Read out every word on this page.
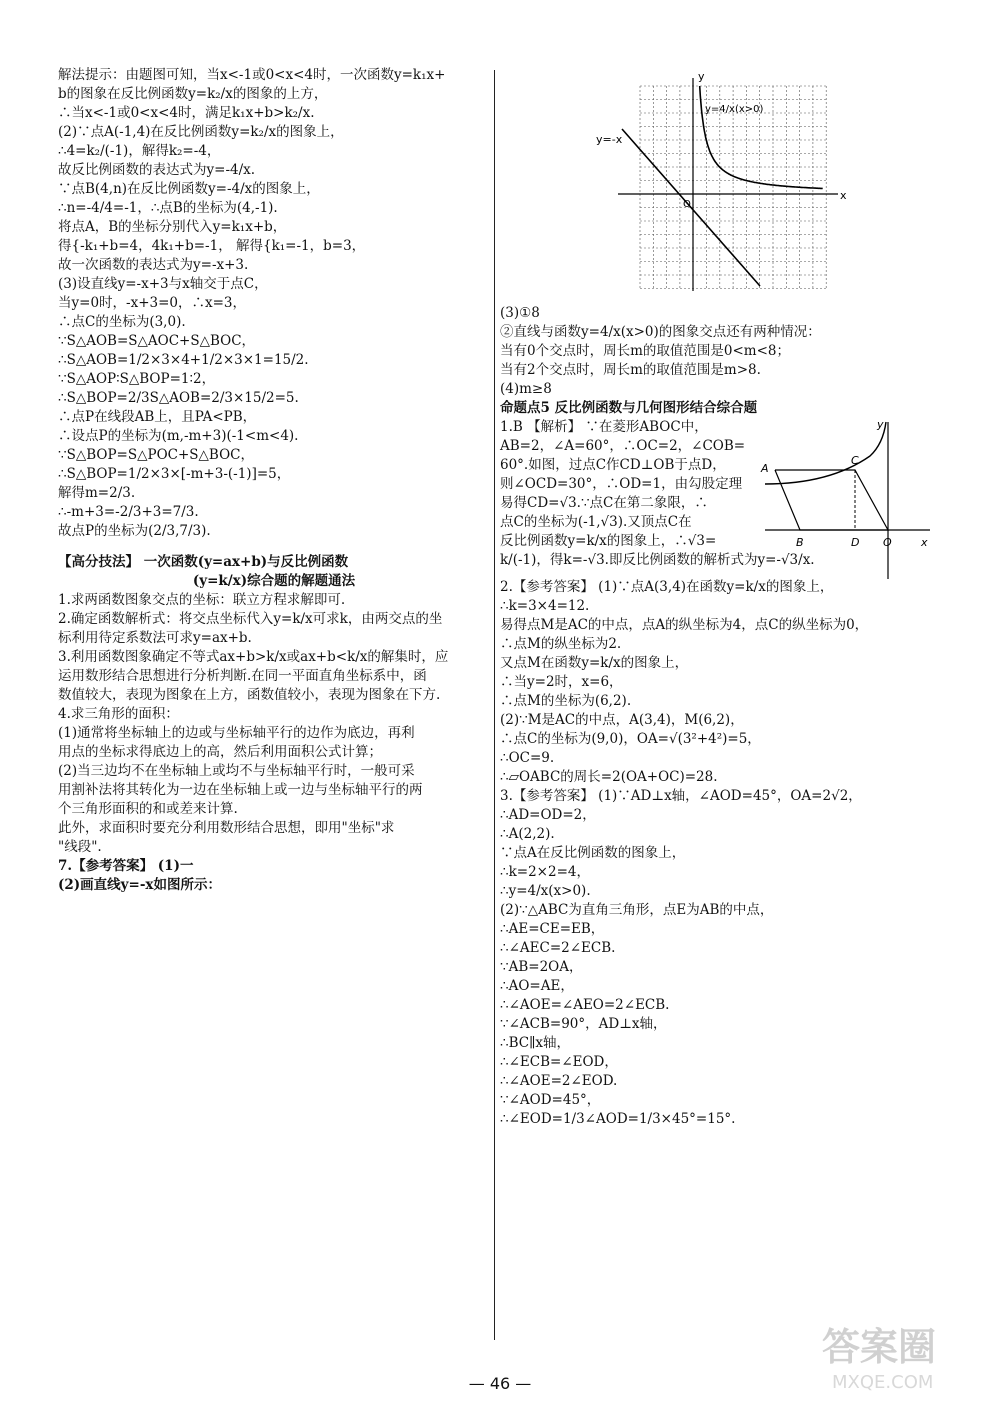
解法提示：由题图可知，当x<-1或0<x<4时，一次函数y=k₁x+

b的图象在反比例函数y=k₂/x的图象的上方，

∴当x<-1或0<x<4时，满足k₁x+b>k₂/x.

(2)∵点A(-1,4)在反比例函数y=k₂/x的图象上，

∴4=k₂/(-1)，解得k₂=-4，

故反比例函数的表达式为y=-4/x.

∵点B(4,n)在反比例函数y=-4/x的图象上，

∴n=-4/4=-1，∴点B的坐标为(4,-1).

将点A，B的坐标分别代入y=k₁x+b，

得{-k₁+b=4，4k₁+b=-1， 解得{k₁=-1，b=3，

故一次函数的表达式为y=-x+3.

(3)设直线y=-x+3与x轴交于点C，

当y=0时，-x+3=0，∴x=3，

∴点C的坐标为(3,0).

∵S△AOB=S△AOC+S△BOC，

∴S△AOB=1/2×3×4+1/2×3×1=15/2.

∵S△AOP∶S△BOP=1∶2，

∴S△BOP=2/3S△AOB=2/3×15/2=5.

∴点P在线段AB上，且PA<PB，

∴设点P的坐标为(m,-m+3)(-1<m<4).

∵S△BOP=S△POC+S△BOC，

∴S△BOP=1/2×3×[-m+3-(-1)]=5，

解得m=2/3.

∴-m+3=-2/3+3=7/3.

故点P的坐标为(2/3,7/3).

【高分技法】 一次函数(y=ax+b)与反比例函数

(y=k/x)综合题的解题通法

1.求两函数图象交点的坐标：联立方程求解即可.

2.确定函数解析式：将交点坐标代入y=k/x可求k，由两交点的坐

标利用待定系数法可求y=ax+b.

3.利用函数图象确定不等式ax+b>k/x或ax+b<k/x的解集时，应

运用数形结合思想进行分析判断.在同一平面直角坐标系中，函

数值较大，表现为图象在上方，函数值较小，表现为图象在下方.

4.求三角形的面积：

(1)通常将坐标轴上的边或与坐标轴平行的边作为底边，再利

用点的坐标求得底边上的高，然后利用面积公式计算；

(2)当三边均不在坐标轴上或均不与坐标轴平行时，一般可采

用割补法将其转化为一边在坐标轴上或一边与坐标轴平行的两

个三角形面积的和或差来计算.

此外，求面积时要充分利用数形结合思想，即用"坐标"求

"线段".

7.【参考答案】 (1)一

(2)画直线y=-x如图所示：

x
y
O
y=-x
y=4/x(x>0)

(3)①8

②直线与函数y=4/x(x>0)的图象交点还有两种情况：

当有0个交点时，周长m的取值范围是0<m<8；

当有2个交点时，周长m的取值范围是m>8.

(4)m≥8

命题点5 反比例函数与几何图形结合综合题

1.B 【解析】 ∵在菱形ABOC中，

AB=2，∠A=60°，∴OC=2，∠COB=

60°.如图，过点C作CD⊥OB于点D，

则∠OCD=30°，∴OD=1，由勾股定理

易得CD=√3.∵点C在第二象限，∴

点C的坐标为(-1,√3).又顶点C在

反比例函数y=k/x的图象上，∴√3=

k/(-1)，得k=-√3.即反比例函数的解析式为y=-√3/x.

A
B
C
D O	x
y

2.【参考答案】 (1)∵点A(3,4)在函数y=k/x的图象上，

∴k=3×4=12.

易得点M是AC的中点，点A的纵坐标为4，点C的纵坐标为0，

∴点M的纵坐标为2.

又点M在函数y=k/x的图象上，

∴当y=2时，x=6，

∴点M的坐标为(6,2).

(2)∵M是AC的中点，A(3,4)，M(6,2)，

∴点C的坐标为(9,0)，OA=√(3²+4²)=5，

∴OC=9.

∴▱OABC的周长=2(OA+OC)=28.

3.【参考答案】 (1)∵AD⊥x轴，∠AOD=45°，OA=2√2，

∴AD=OD=2，

∴A(2,2).

∵点A在反比例函数的图象上，

∴k=2×2=4，

∴y=4/x(x>0).

(2)∵△ABC为直角三角形，点E为AB的中点，

∴AE=CE=EB，

∴∠AEC=2∠ECB.

∵AB=2OA，

∴AO=AE，

∴∠AOE=∠AEO=2∠ECB.

∵∠ACB=90°，AD⊥x轴，

∴BC∥x轴，

∴∠ECB=∠EOD，

∴∠AOE=2∠EOD.

∵∠AOD=45°，

∴∠EOD=1/3∠AOD=1/3×45°=15°.

— 46 —
答案圈
MXQE.COM
